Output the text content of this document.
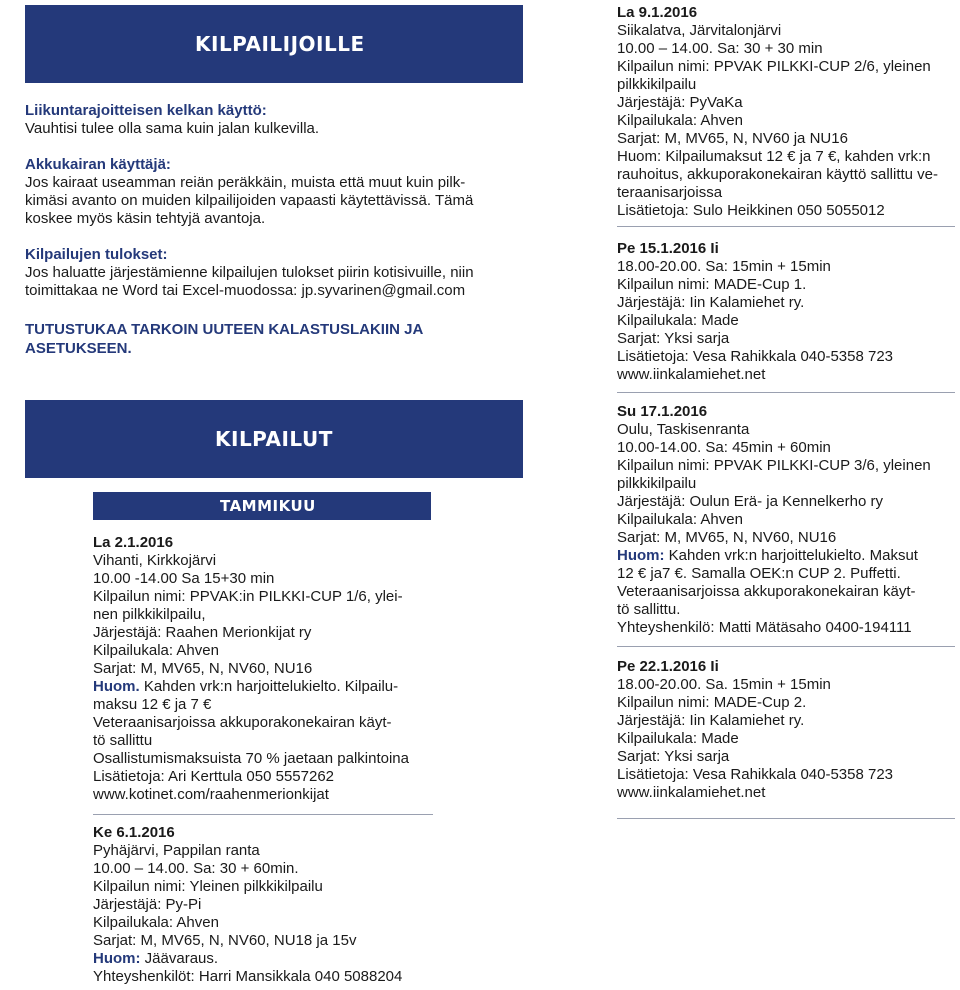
KILPAILIJOILLE

Liikuntarajoitteisen kelkan käyttö:

Vauhtisi tulee olla sama kuin jalan kulkevilla.

Akkukairan käyttäjä:

Jos kairaat useamman reiän peräkkäin, muista että muut kuin pilk-

kimäsi avanto on muiden kilpailijoiden vapaasti käytettävissä. Tämä

koskee myös käsin tehtyjä avantoja.

Kilpailujen tulokset:

Jos haluatte järjestämienne kilpailujen tulokset piirin kotisivuille, niin

toimittakaa ne Word tai Excel-muodossa: jp.syvarinen@gmail.com

TUTUSTUKAA TARKOIN UUTEEN KALASTUSLAKIIN JA

ASETUKSEEN.

KILPAILUT
TAMMIKUU

La 2.1.2016

Vihanti, Kirkkojärvi

10.00 -14.00 Sa 15+30 min

Kilpailun nimi: PPVAK:in PILKKI-CUP 1/6, ylei-

nen pilkkikilpailu,

Järjestäjä: Raahen Merionkijat ry

Kilpailukala: Ahven

Sarjat: M, MV65, N, NV60, NU16

Huom. Kahden vrk:n harjoittelukielto. Kilpailu-

maksu 12 € ja 7 €

Veteraanisarjoissa akkuporakonekairan käyt-

tö sallittu

Osallistumismaksuista 70 % jaetaan palkintoina

Lisätietoja: Ari Kerttula 050 5557262

www.kotinet.com/raahenmerionkijat

Ke 6.1.2016

Pyhäjärvi, Pappilan ranta

10.00 – 14.00. Sa: 30 + 60min.

Kilpailun nimi: Yleinen pilkkikilpailu

Järjestäjä: Py-Pi

Kilpailukala: Ahven

Sarjat: M, MV65, N, NV60, NU18 ja 15v

Huom: Jäävaraus.

Yhteyshenkilöt: Harri Mansikkala 040 5088204

La 9.1.2016

Siikalatva, Järvitalonjärvi

10.00 – 14.00. Sa: 30 + 30 min

Kilpailun nimi: PPVAK PILKKI-CUP 2/6, yleinen

pilkkikilpailu

Järjestäjä: PyVaKa

Kilpailukala: Ahven

Sarjat: M, MV65, N, NV60 ja NU16

Huom: Kilpailumaksut 12 € ja 7 €, kahden vrk:n

rauhoitus, akkuporakonekairan käyttö sallittu ve-

teraanisarjoissa

Lisätietoja: Sulo Heikkinen 050 5055012

Pe 15.1.2016 Ii

18.00-20.00. Sa: 15min + 15min

Kilpailun nimi: MADE-Cup 1.

Järjestäjä: Iin Kalamiehet ry.

Kilpailukala: Made

Sarjat: Yksi sarja

Lisätietoja: Vesa Rahikkala 040-5358 723

www.iinkalamiehet.net

Su 17.1.2016

Oulu, Taskisenranta

10.00-14.00. Sa: 45min + 60min

Kilpailun nimi: PPVAK PILKKI-CUP 3/6, yleinen

pilkkikilpailu

Järjestäjä: Oulun Erä- ja Kennelkerho ry

Kilpailukala: Ahven

Sarjat: M, MV65, N, NV60, NU16

Huom: Kahden vrk:n harjoittelukielto. Maksut

12 € ja7 €. Samalla OEK:n CUP 2. Puffetti.

Veteraanisarjoissa akkuporakonekairan käyt-

tö sallittu.

Yhteyshenkilö: Matti Mätäsaho 0400-194111

Pe 22.1.2016 Ii

18.00-20.00. Sa. 15min + 15min

Kilpailun nimi: MADE-Cup 2.

Järjestäjä: Iin Kalamiehet ry.

Kilpailukala: Made

Sarjat: Yksi sarja

Lisätietoja: Vesa Rahikkala 040-5358 723

www.iinkalamiehet.net
